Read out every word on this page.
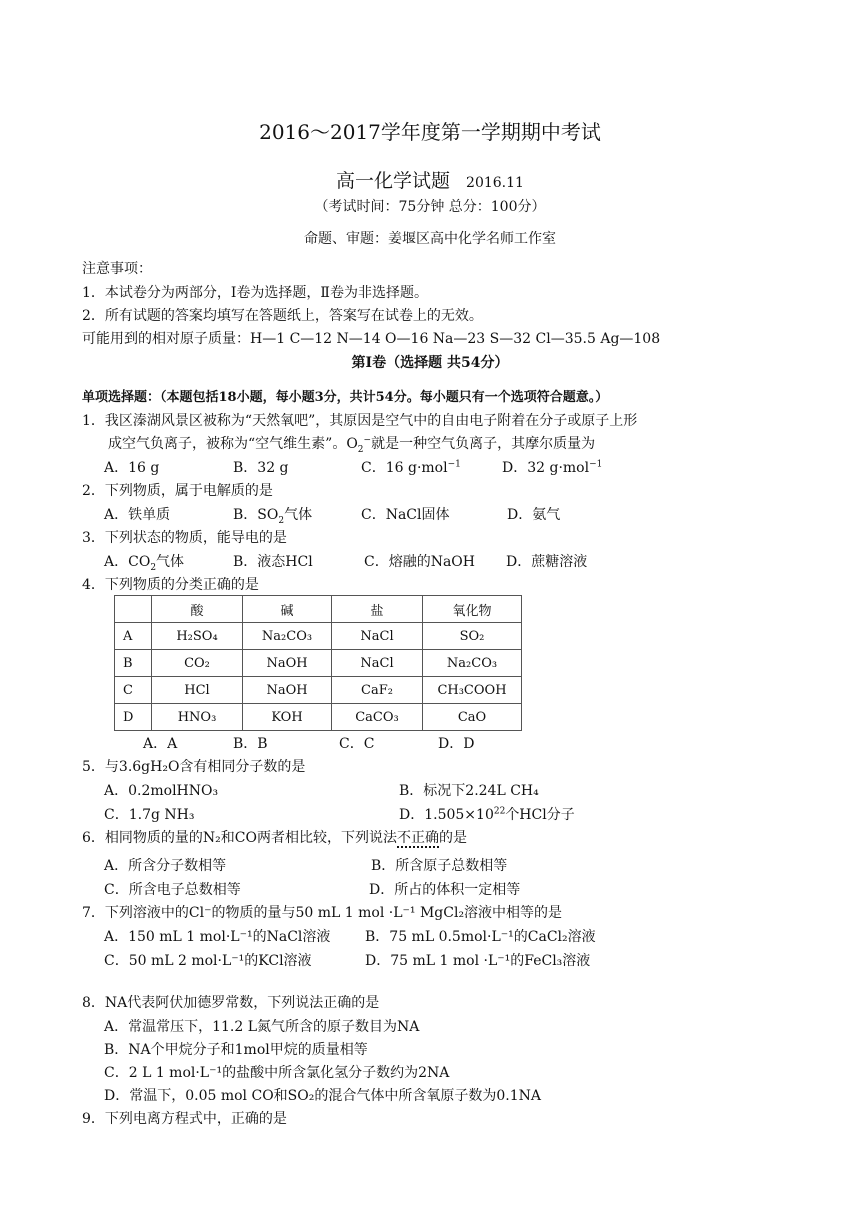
2016～2017学年度第一学期期中考试
高一化学试题 2016.11
（考试时间：75分钟 总分：100分）
命题、审题：姜堰区高中化学名师工作室
注意事项：
1．本试卷分为两部分，Ⅰ卷为选择题，Ⅱ卷为非选择题。
2．所有试题的答案均填写在答题纸上，答案写在试卷上的无效。
可能用到的相对原子质量：H—1 C—12 N—14 O—16 Na—23 S—32 Cl—35.5 Ag—108
第Ⅰ卷（选择题 共54分）
单项选择题：（本题包括18小题，每小题3分，共计54分。每小题只有一个选项符合题意。）
1．我区溱湖风景区被称为“天然氧吧”，其原因是空气中的自由电子附着在分子或原子上形
成空气负离子，被称为“空气维生素”。$O_2^-$就是一种空气负离子，其摩尔质量为
A．16 g	B．32 g	C．16 g·mol$^{-1}$	D．32 g·mol$^{-1}$
2．下列物质，属于电解质的是
A．铁单质	B．$SO_2$气体	C．NaCl固体	D．氨气
3．下列状态的物质，能导电的是
A．$CO_2$气体	B．液态HCl	C．熔融的NaOH D．蔗糖溶液
4．下列物质的分类正确的是
	酸	碱	盐	氧化物
A	H₂SO₄	Na₂CO₃	NaCl	SO₂
B	CO₂	NaOH	NaCl	Na₂CO₃
C	HCl	NaOH	CaF₂	CH₃COOH
D	HNO₃	KOH	CaCO₃	CaO
A．A	B．B	C．C	D．D
5．与3.6gH₂O含有相同分子数的是
A．0.2molHNO₃	B．标况下2.24L CH₄
C．1.7g NH₃	D．$1.505\times 10^{22}$个HCl分子
6．相同物质的量的N₂和CO两者相比较，下列说法不正确的是
A．所含分子数相等	B．所含原子总数相等
C．所含电子总数相等	D．所占的体积一定相等
7．下列溶液中的Cl⁻的物质的量与50 mL 1 mol ·L⁻¹ MgCl₂溶液中相等的是
A．150 mL 1 mol·L⁻¹的NaCl溶液 B．75 mL 0.5mol·L⁻¹的CaCl₂溶液
C．50 mL 2 mol·L⁻¹的KCl溶液	D．75 mL 1 mol ·L⁻¹的FeCl₃溶液
8．NA代表阿伏加德罗常数，下列说法正确的是
A．常温常压下，11.2 L氮气所含的原子数目为NA
B．NA个甲烷分子和1mol甲烷的质量相等
C．2 L 1 mol·L⁻¹的盐酸中所含氯化氢分子数约为2NA
D．常温下，0.05 mol CO和SO₂的混合气体中所含氧原子数为0.1NA
9．下列电离方程式中，正确的是
